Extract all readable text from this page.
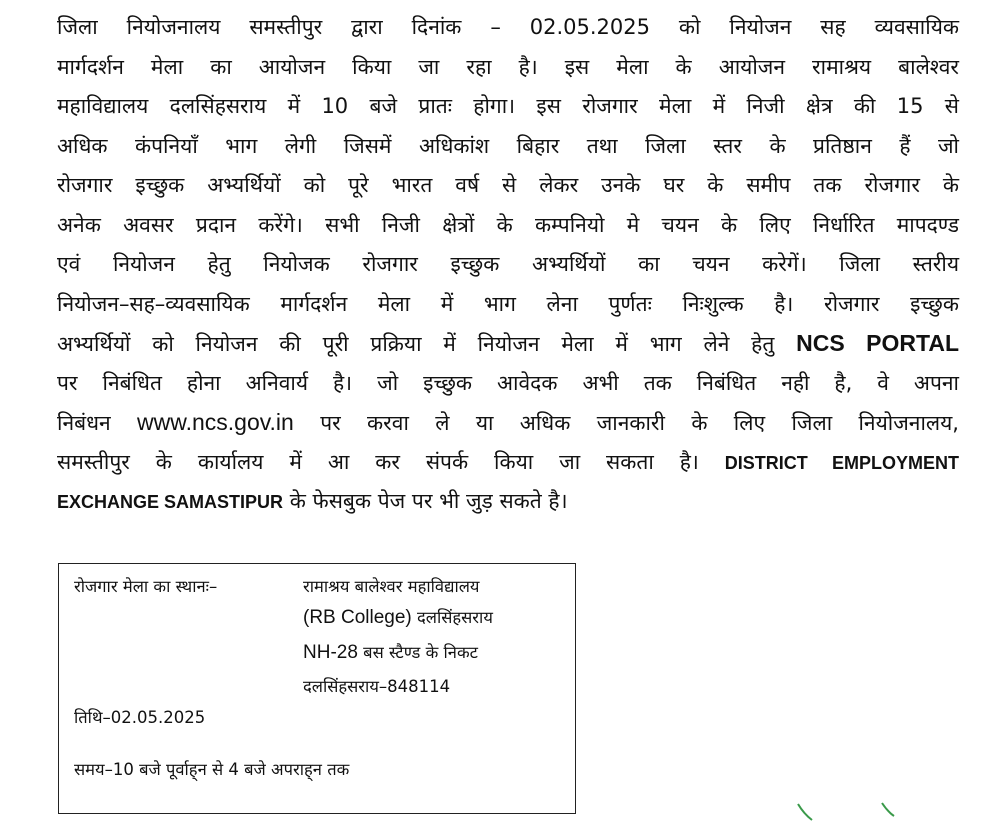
जिला नियोजनालय समस्तीपुर द्वारा दिनांक – 02.05.2025 को नियोजन सह व्यवसायिक
मार्गदर्शन मेला का आयोजन किया जा रहा है। इस मेला के आयोजन रामाश्रय बालेश्वर
महाविद्यालय दलसिंहसराय में 10 बजे प्रातः होगा। इस रोजगार मेला में निजी क्षेत्र की 15 से
अधिक कंपनियाँ भाग लेगी जिसमें अधिकांश बिहार तथा जिला स्तर के प्रतिष्ठान हैं जो
रोजगार इच्छुक अभ्यर्थियों को पूरे भारत वर्ष से लेकर उनके घर के समीप तक रोजगार के
अनेक अवसर प्रदान करेंगे। सभी निजी क्षेत्रों के कम्पनियो मे चयन के लिए निर्धारित मापदण्ड
एवं नियोजन हेतु नियोजक रोजगार इच्छुक अभ्यर्थियों का चयन करेगें। जिला स्तरीय
नियोजन–सह–व्यवसायिक मार्गदर्शन मेला में भाग लेना पुर्णतः निःशुल्क है। रोजगार इच्छुक
अभ्यर्थियों को नियोजन की पूरी प्रक्रिया में नियोजन मेला में भाग लेने हेतु NCS PORTAL
पर निबंधित होना अनिवार्य है। जो इच्छुक आवेदक अभी तक निबंधित नही है, वे अपना
निबंधन www.ncs.gov.in पर करवा ले या अधिक जानकारी के लिए जिला नियोजनालय,
समस्तीपुर के कार्यालय में आ कर संपर्क किया जा सकता है। DISTRICT EMPLOYMENT
EXCHANGE SAMASTIPUR के फेसबुक पेज पर भी जुड़ सकते है।
रोजगार मेला का स्थानः–	रामाश्रय बालेश्वर महाविद्यालय
(RB College) दलसिंहसराय
NH-28 बस स्टैण्ड के निकट
दलसिंहसराय–848114
तिथि–02.05.2025
समय–10 बजे पूर्वाह्‌न से 4 बजे अपराह्‌न तक
